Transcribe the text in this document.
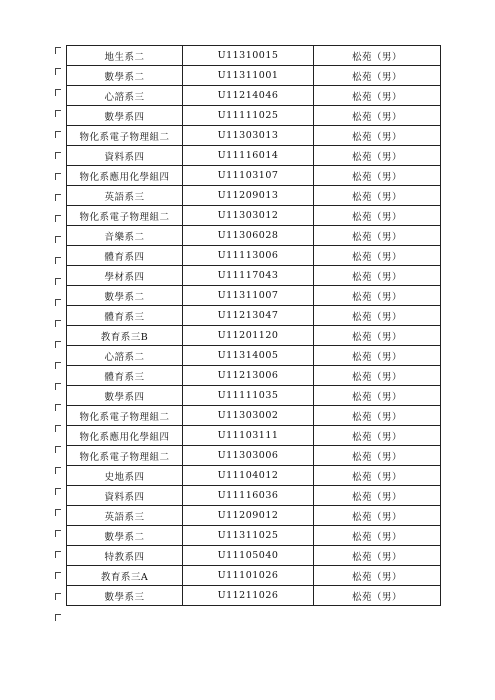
地生系二	U11310015	松苑（男）
數學系二	U11311001	松苑（男）
心諮系三	U11214046	松苑（男）
數學系四	U11111025	松苑（男）
物化系電子物理組二	U11303013	松苑（男）
資料系四	U11116014	松苑（男）
物化系應用化學組四	U11103107	松苑（男）
英語系三	U11209013	松苑（男）
物化系電子物理組二	U11303012	松苑（男）
音樂系二	U11306028	松苑（男）
體育系四	U11113006	松苑（男）
學材系四	U11117043	松苑（男）
數學系二	U11311007	松苑（男）
體育系三	U11213047	松苑（男）
教育系三B	U11201120	松苑（男）
心諮系二	U11314005	松苑（男）
體育系三	U11213006	松苑（男）
數學系四	U11111035	松苑（男）
物化系電子物理組二	U11303002	松苑（男）
物化系應用化學組四	U11103111	松苑（男）
物化系電子物理組二	U11303006	松苑（男）
史地系四	U11104012	松苑（男）
資料系四	U11116036	松苑（男）
英語系三	U11209012	松苑（男）
數學系二	U11311025	松苑（男）
特教系四	U11105040	松苑（男）
教育系三A	U11101026	松苑（男）
數學系三	U11211026	松苑（男）
